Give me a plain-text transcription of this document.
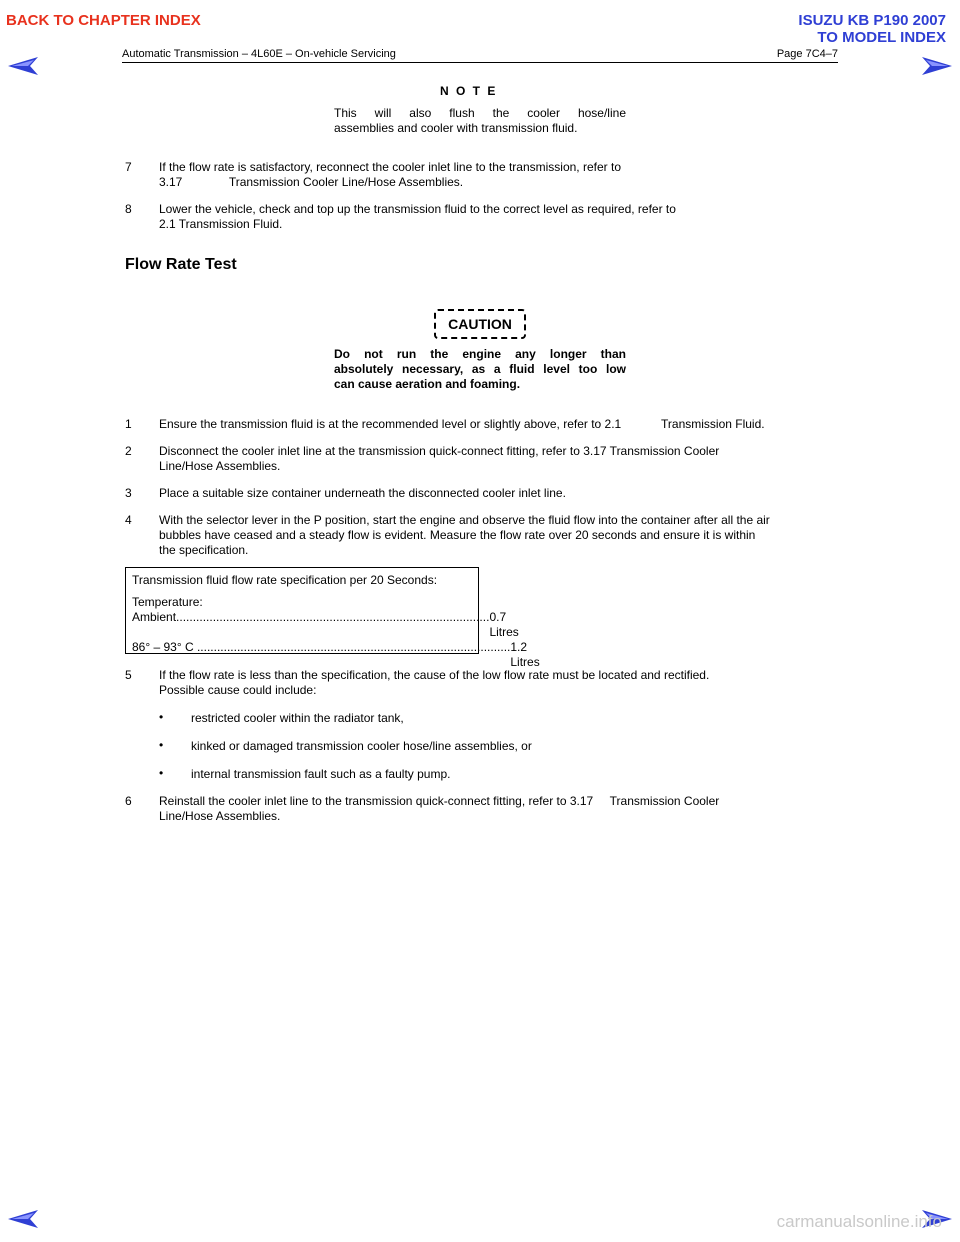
BACK TO CHAPTER INDEX	ISUZU KB P190 2007
TO MODEL INDEX
Automatic Transmission – 4L60E – On-vehicle Servicing	Page 7C4–7
N O T E
This will also flush the cooler hose/line
assemblies and cooler with transmission fluid.
7 If the flow rate is satisfactory, reconnect the cooler inlet line to the transmission, refer to
3.17              Transmission Cooler Line/Hose Assemblies.
8 Lower the vehicle, check and top up the transmission fluid to the correct level as required, refer to
2.1 Transmission Fluid.
Flow Rate Test
CAUTION
Do not run the engine any longer than
absolutely necessary, as a fluid level too low
can cause aeration and foaming.
1 Ensure the transmission fluid is at the recommended level or slightly above, refer to 2.1            Transmission Fluid.
2 Disconnect the cooler inlet line at the transmission quick-connect fitting, refer to 3.17 Transmission Cooler
Line/Hose Assemblies.
3 Place a suitable size container underneath the disconnected cooler inlet line.
4 With the selector lever in the P position, start the engine and observe the fluid flow into the container after all the air
bubbles have ceased and a steady flow is evident. Measure the flow rate over 20 seconds and ensure it is within
the specification.
Transmission fluid flow rate specification per 20 Seconds:
Temperature:
Ambient .............................................................................................. 0.7 Litres
86° – 93° C .............................................................................................. 1.2 Litres
5 If the flow rate is less than the specification, the cause of the low flow rate must be located and rectified.
Possible cause could include:
• restricted cooler within the radiator tank,
• kinked or damaged transmission cooler hose/line assemblies, or
• internal transmission fault such as a faulty pump.
6 Reinstall the cooler inlet line to the transmission quick-connect fitting, refer to 3.17     Transmission Cooler
Line/Hose Assemblies.
carmanualsonline.info
